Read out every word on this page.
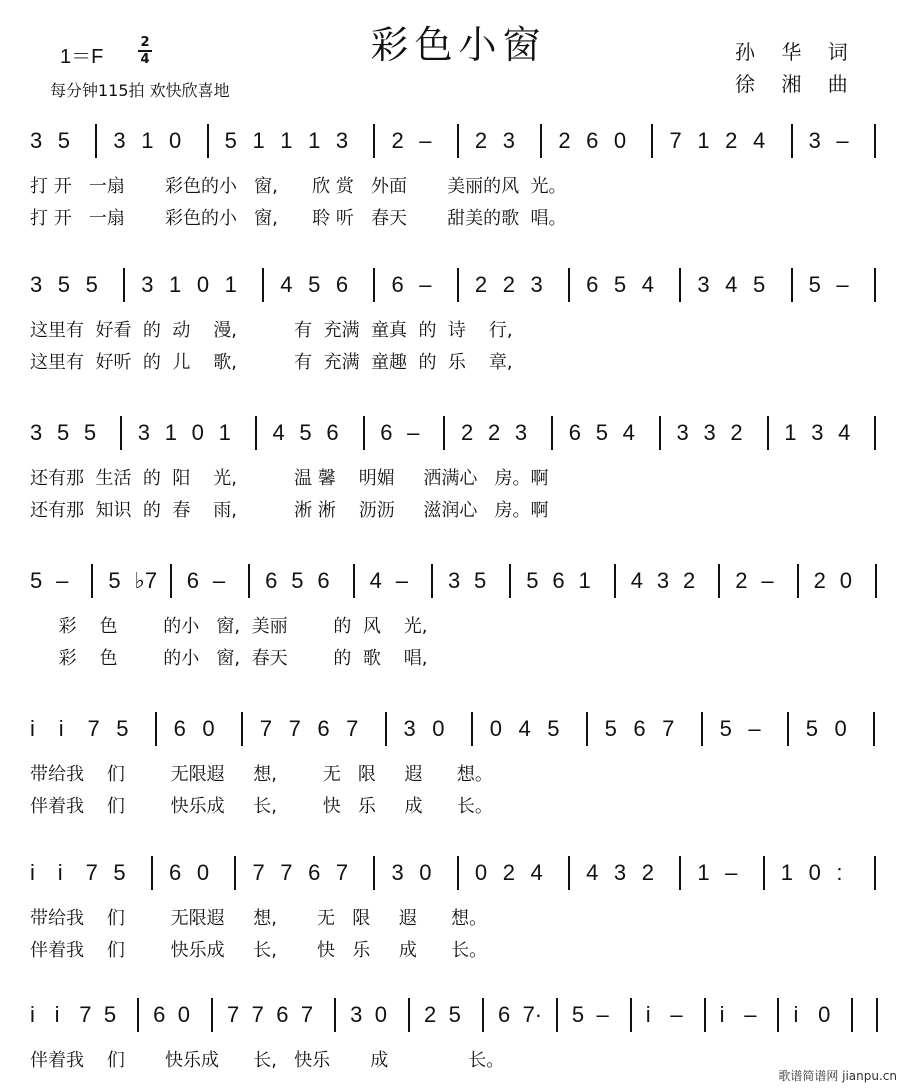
彩色小窗
1＝F
2
4
每分钟115拍 欢快欣喜地
孙 华 词
徐 湘 曲
3 5 3 1 0 5 1 1 1 3 2 – 2 3 2 6 0 7 1 2 4 3 –
打 开   一扇       彩色的小   窗,      欣 赏   外面       美丽的风  光。
打 开   一扇       彩色的小   窗,      聆 听   春天       甜美的歌  唱。
3 5 5 3 1 0 1 4 5 6 6 – 2 2 3 6 5 4 3 4 5 5 –
这里有  好看  的  动    漫,          有  充满  童真  的  诗    行,
这里有  好听  的  儿    歌,          有  充满  童趣  的  乐    章,
3 5 5 3 1 0 1 4 5 6 6 – 2 2 3 6 5 4 3 3 2 1 3 4
还有那  生活  的  阳    光,          温 馨    明媚     洒满心   房。啊
还有那  知识  的  春    雨,          淅 淅    沥沥     滋润心   房。啊
5 – 5 ♭7 6 – 6 5 6 4 – 3 5 5 6 1 4 3 2 2 – 2 0
彩    色        的小   窗,  美丽        的  风    光,
彩    色        的小   窗,  春天        的  歌    唱,
i i 7 5 6 0 7 7 6 7 3 0 0 4 5 5 6 7 5 – 5 0
带给我    们        无限遐     想,        无   限     遐      想。
伴着我    们        快乐成     长,        快   乐     成      长。
i i 7 5 6 0 7 7 6 7 3 0 0 2 4 4 3 2 1 – 1 0 :
带给我    们        无限遐     想,       无   限     遐      想。
伴着我    们        快乐成     长,       快   乐     成      长。
i i 7 5 6 0 7 7 6 7 3 0 2 5 6 7· 5 – i – i – i 0
伴着我    们       快乐成      长,   快乐       成              长。
歌谱简谱网 jianpu.cn
